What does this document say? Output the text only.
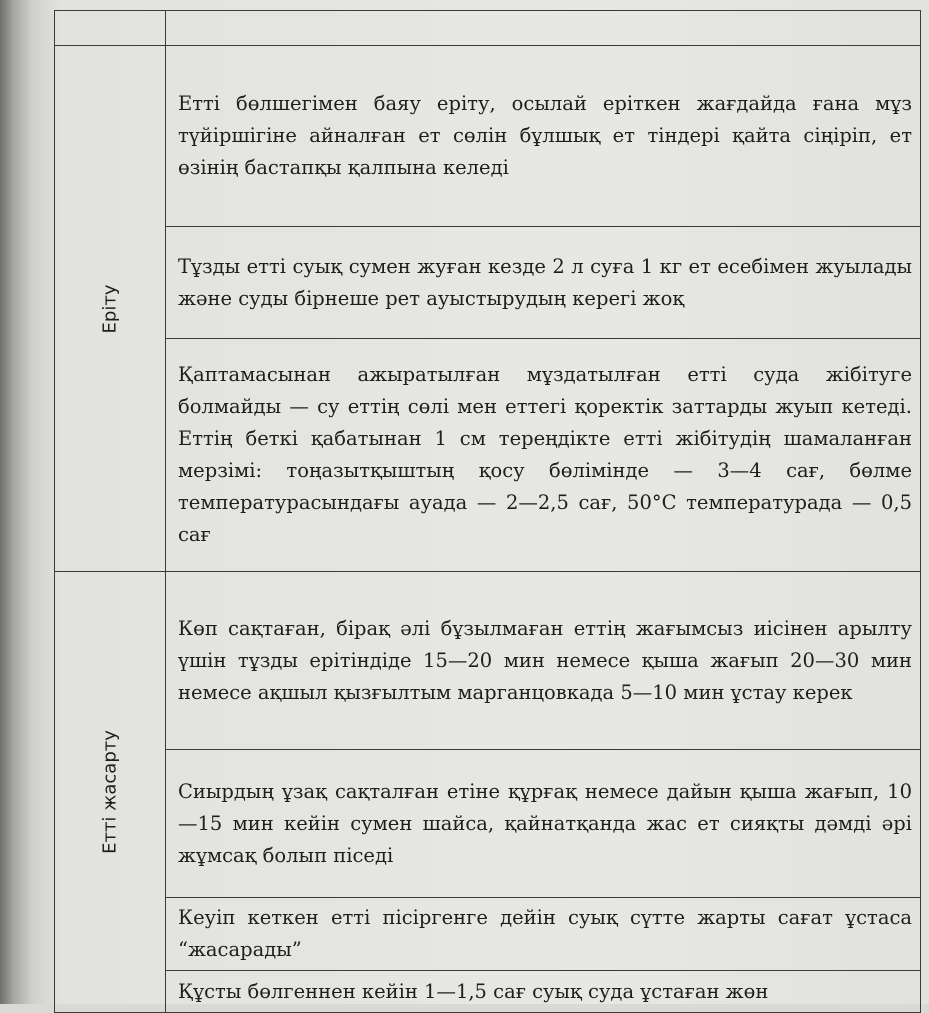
Еріту	Етті бөлшегімен баяу еріту, осылай ерiткен жағдайда ғана мұз түйіршігіне айналған ет сөлін бұлшық ет тіндері қайта сіңіріп, ет өзінің бастапқы қалпына келеді
	Тұзды етті суық сумен жуған кезде 2 л суға 1 кг ет есебімен жуылады және суды бірнеше рет ауыстырудың керегі жоқ
	Қаптамасынан ажыратылған мұздатылған етті суда жібітуге болмайды — су еттің сөлі мен еттегі қоректік заттарды жуып кетеді. Еттің беткі қабатынан 1 см тереңдікте етті жібітудің шамаланған мерзімі: тоңазытқыштың қосу бөлімінде — 3—4 сағ, бөлме температурасындағы ауада — 2—2,5 сағ, 50°С температурада — 0,5 сағ

Етті жасарту	Көп сақтаған, бірақ әлі бұзылмаған еттің жағымсыз иісінен арылту үшін тұзды ерітіндіде 15—20 мин немесе қыша жағып 20—30 мин немесе ақшыл қызғылтым марганцовкада 5—10 мин ұстау керек
	Сиырдың ұзақ сақталған етіне құрғақ немесе дайын қыша жағып, 10—15 мин кейін сумен шайса, қайнатқанда жас ет сияқты дәмді әрі жұмсақ болып піседі
	Кеуіп кеткен етті пісіргенге дейін суық сүтте жарты сағат ұстаса “жасарады”
	Құсты бөлгеннен кейін 1—1,5 сағ суық суда ұстаған жөн
